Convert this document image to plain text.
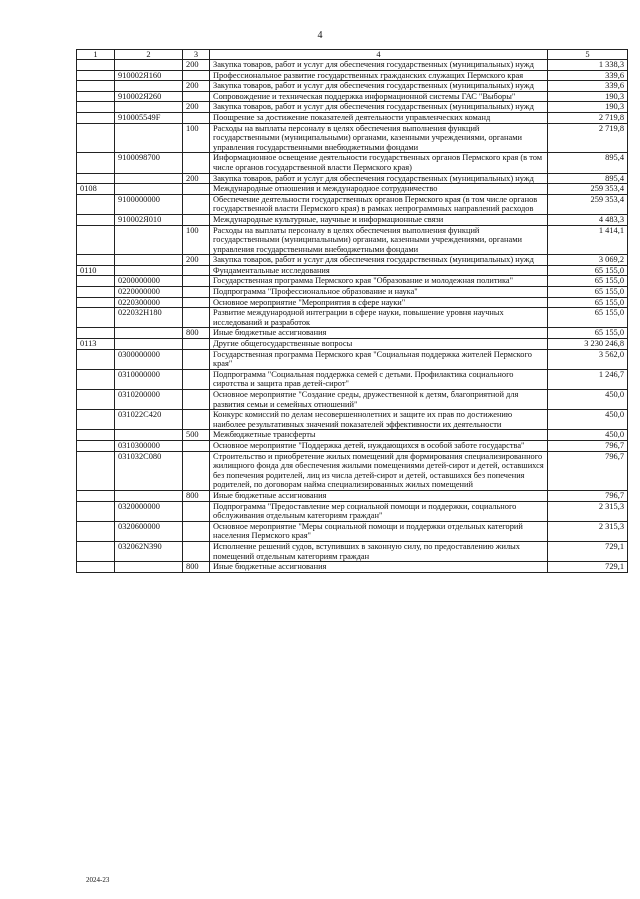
4
1	2	3	4	5
		200	Закупка товаров, работ и услуг для обеспечения государственных (муниципальных) нужд	1 338,3
	910002Я160		Профессиональное развитие государственных гражданских служащих Пермского края	339,6
		200	Закупка товаров, работ и услуг для обеспечения государственных (муниципальных) нужд	339,6
	910002Я260		Сопровождение и техническая поддержка информационной системы ГАС "Выборы"	190,3
		200	Закупка товаров, работ и услуг для обеспечения государственных (муниципальных) нужд	190,3
	910005549F		Поощрение за достижение показателей деятельности управленческих команд	2 719,8
		100	Расходы на выплаты персоналу в целях обеспечения выполнения функций государственными (муниципальными) органами, казенными учреждениями, органами управления государственными внебюджетными фондами	2 719,8
	9100098700		Информационное освещение деятельности государственных органов Пермского края (в том числе органов государственной власти Пермского края)	895,4
		200	Закупка товаров, работ и услуг для обеспечения государственных (муниципальных) нужд	895,4
0108			Международные отношения и международное сотрудничество	259 353,4
	9100000000		Обеспечение деятельности государственных органов Пермского края (в том числе органов государственной власти Пермского края) в рамках непрограммных направлений расходов	259 353,4
	910002Я010		Международные культурные, научные и информационные связи	4 483,3
		100	Расходы на выплаты персоналу в целях обеспечения выполнения функций государственными (муниципальными) органами, казенными учреждениями, органами управления государственными внебюджетными фондами	1 414,1
		200	Закупка товаров, работ и услуг для обеспечения государственных (муниципальных) нужд	3 069,2
0110			Фундаментальные исследования	65 155,0
	0200000000		Государственная программа Пермского края "Образование и молодежная политика"	65 155,0
	0220000000		Подпрограмма "Профессиональное образование и наука"	65 155,0
	0220300000		Основное мероприятие "Мероприятия в сфере науки"	65 155,0
	022032Н180		Развитие международной интеграции в сфере науки, повышение уровня научных исследований и разработок	65 155,0
		800	Иные бюджетные ассигнования	65 155,0
0113			Другие общегосударственные вопросы	3 230 246,8
	0300000000		Государственная программа Пермского края "Социальная поддержка жителей Пермского края"	3 562,0
	0310000000		Подпрограмма "Социальная поддержка семей с детьми. Профилактика социального сиротства и защита прав детей-сирот"	1 246,7
	0310200000		Основное мероприятие "Создание среды, дружественной к детям, благоприятной для развития семьи и семейных отношений"	450,0
	031022С420		Конкурс комиссий по делам несовершеннолетних и защите их прав по достижению наиболее результативных значений показателей эффективности их деятельности	450,0
		500	Межбюджетные трансферты	450,0
	0310300000		Основное мероприятие "Поддержка детей, нуждающихся в особой заботе государства"	796,7
	031032С080		Строительство и приобретение жилых помещений для формирования специализированного жилищного фонда для обеспечения жилыми помещениями детей-сирот и детей, оставшихся без попечения родителей, лиц из числа детей-сирот и детей, оставшихся без попечения родителей, по договорам найма специализированных жилых помещений	796,7
		800	Иные бюджетные ассигнования	796,7
	0320000000		Подпрограмма "Предоставление мер социальной помощи и поддержки, социального обслуживания отдельным категориям граждан"	2 315,3
	0320600000		Основное мероприятие "Меры социальной помощи и поддержки отдельных категорий населения Пермского края"	2 315,3
	032062N390		Исполнение решений судов, вступивших в законную силу, по предоставлению жилых помещений отдельным категориям граждан	729,1
		800	Иные бюджетные ассигнования	729,1
2024-23
